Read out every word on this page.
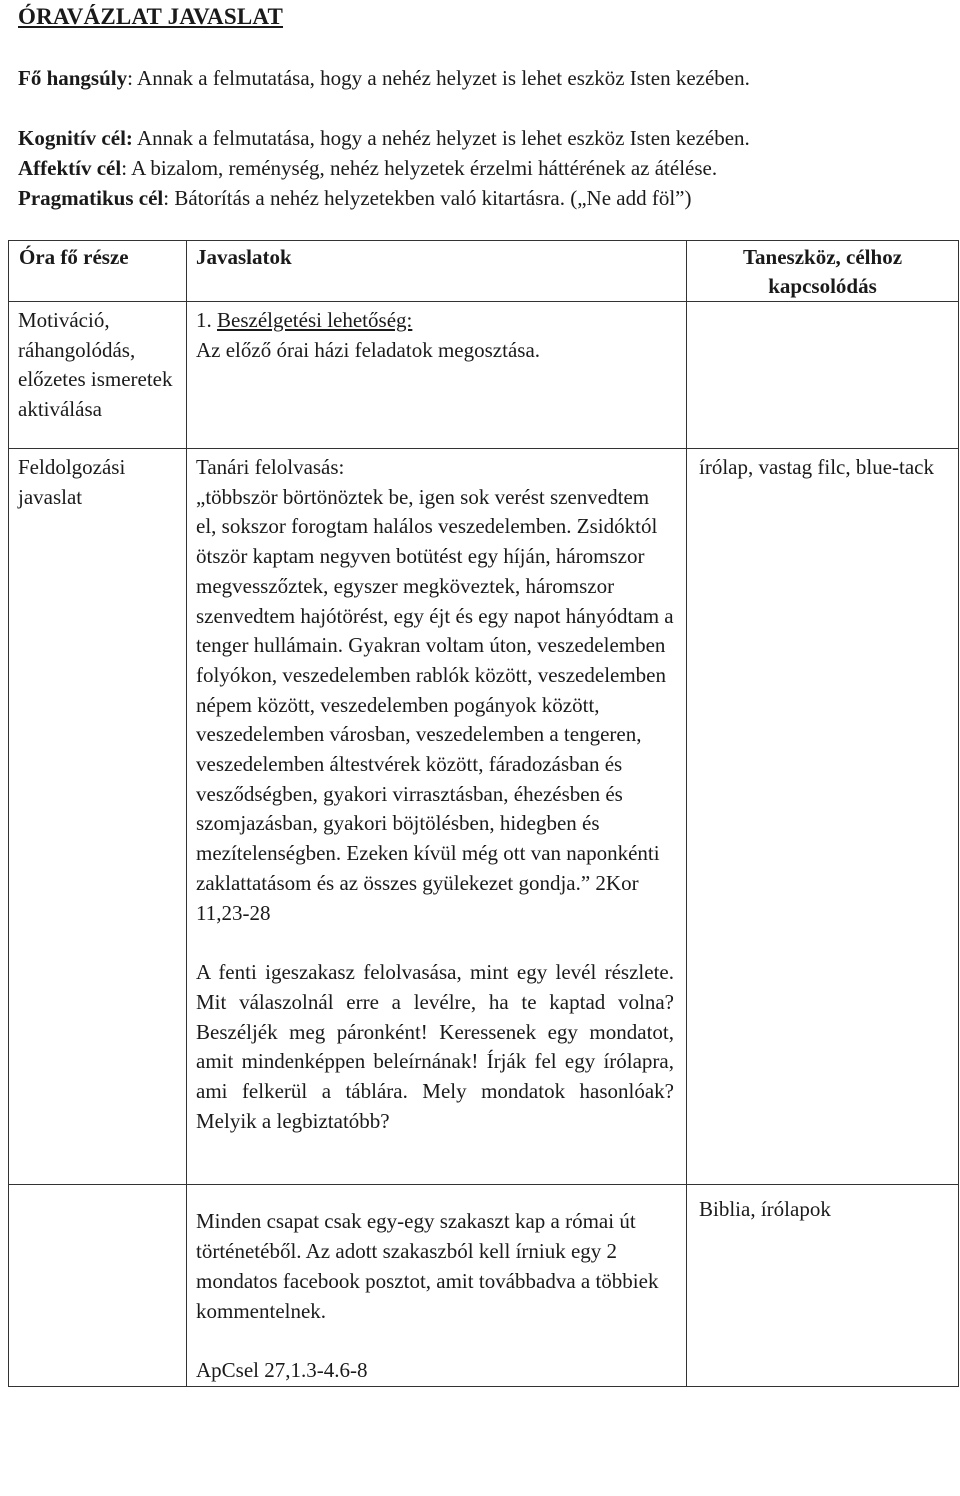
ÓRAVÁZLAT JAVASLAT
Fő hangsúly: Annak a felmutatása, hogy a nehéz helyzet is lehet eszköz Isten kezében.
Kognitív cél: Annak a felmutatása, hogy a nehéz helyzet is lehet eszköz Isten kezében.
Affektív cél: A bizalom, reménység, nehéz helyzetek érzelmi háttérének az átélése.
Pragmatikus cél: Bátorítás a nehéz helyzetekben való kitartásra. („Ne add föl”)
Óra fő része	Javaslatok	Taneszköz, célhoz kapcsolódás
Motiváció, ráhangolódás, előzetes ismeretek aktiválása	1. Beszélgetési lehetőség:

Az előző órai házi feladatok megosztása.	

Feldolgozási javaslat	Tanári felolvasás:

„többször börtönöztek be, igen sok verést szenvedtem el, sokszor forogtam halálos veszedelemben. Zsidóktól ötször kaptam negyven botütést egy híján, háromszor megvesszőztek, egyszer megköveztek, háromszor szenvedtem hajótörést, egy éjt és egy napot hányódtam a tenger hullámain. Gyakran voltam úton, veszedelemben folyókon, veszedelemben rablók között, veszedelemben népem között, veszedelemben pogányok között, veszedelemben városban, veszedelemben a tengeren, veszedelemben áltestvérek között, fáradozásban és vesződségben, gyakori virrasztásban, éhezésben és szomjazásban, gyakori böjtölésben, hidegben és mezítelenségben. Ezeken kívül még ott van naponkénti zaklattatásom és az összes gyülekezet gondja.” 2Kor 11,23-28

A fenti igeszakasz felolvasása, mint egy levél részlete. Mit válaszolnál erre a levélre, ha te kaptad volna? Beszéljék meg páronként! Keressenek egy mondatot, amit mindenképpen beleírnának! Írják fel egy írólapra, ami felkerül a táblára. Mely mondatok hasonlóak? Melyik a legbiztatóbb?	írólap, vastag filc, blue-tack

	Minden csapat csak egy-egy szakaszt kap a római út történetéből. Az adott szakaszból kell írniuk egy 2 mondatos facebook posztot, amit továbbadva a többiek kommentelnek.

ApCsel 27,1.3-4.6-8	Biblia, írólapok
